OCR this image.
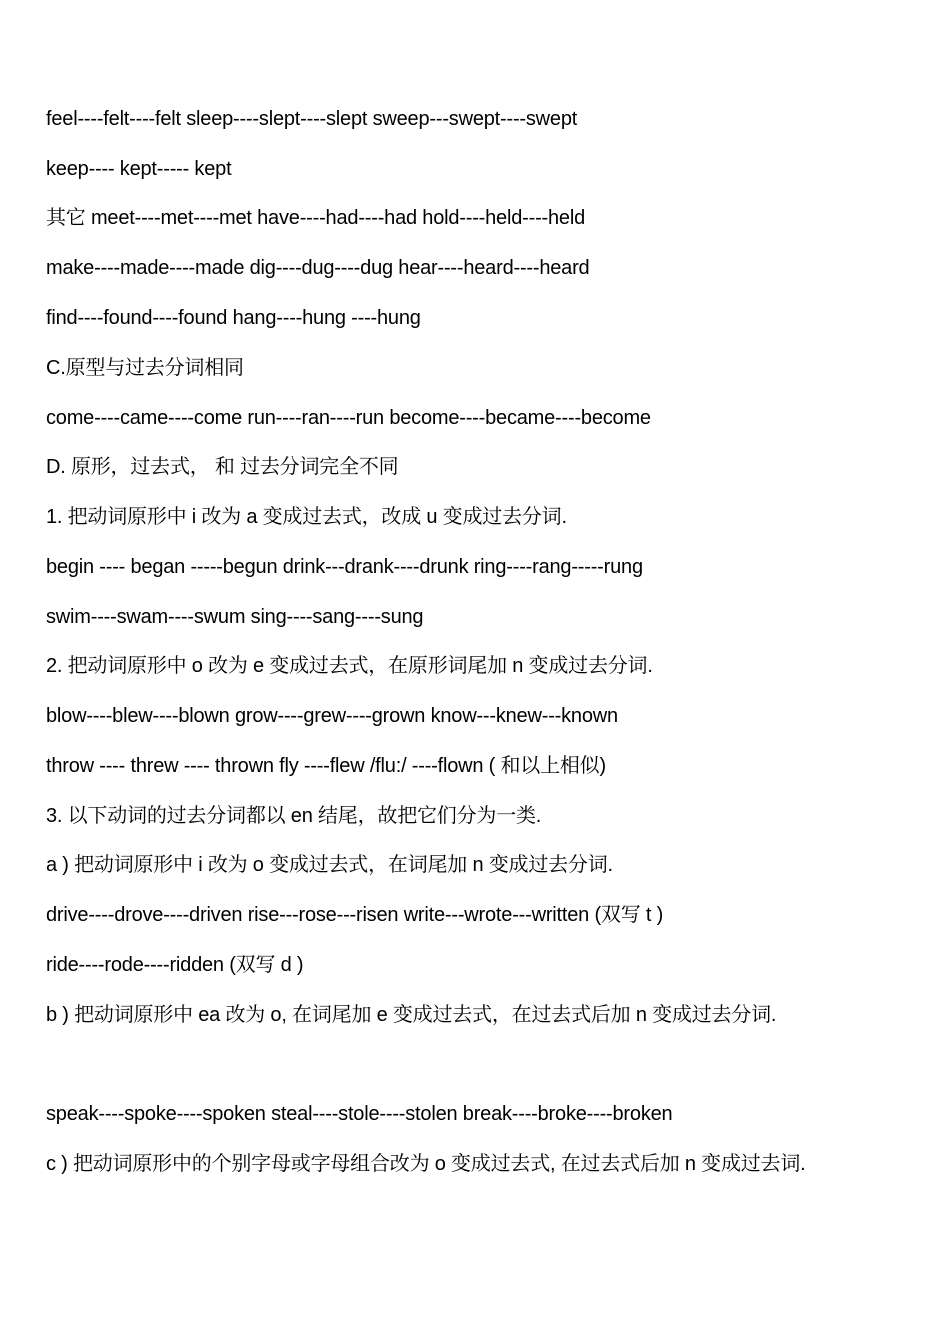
feel----felt----felt sleep----slept----slept sweep---swept----swept
keep---- kept----- kept
其它 meet----met----met have----had----had hold----held----held
make----made----made dig----dug----dug hear----heard----heard
find----found----found hang----hung ----hung
C.原型与过去分词相同
come----came----come run----ran----run become----became----become
D. 原形，过去式， 和 过去分词完全不同
1. 把动词原形中 i 改为 a 变成过去式，改成 u 变成过去分词.
begin ---- began -----begun drink---drank----drunk ring----rang-----rung
swim----swam----swum sing----sang----sung
2. 把动词原形中 o 改为 e 变成过去式，在原形词尾加 n 变成过去分词.
blow----blew----blown grow----grew----grown know---knew---known
throw ---- threw ---- thrown fly ----flew /flu:/ ----flown ( 和以上相似)
3. 以下动词的过去分词都以 en 结尾，故把它们分为一类.
a ) 把动词原形中 i 改为 o 变成过去式，在词尾加 n 变成过去分词.
drive----drove----driven rise---rose---risen write---wrote---written (双写 t )
ride----rode----ridden (双写 d )
b ) 把动词原形中 ea 改为 o, 在词尾加 e 变成过去式，在过去式后加 n 变成过去分词.
speak----spoke----spoken steal----stole----stolen break----broke----broken
c ) 把动词原形中的个别字母或字母组合改为 o 变成过去式, 在过去式后加 n 变成过去词.
